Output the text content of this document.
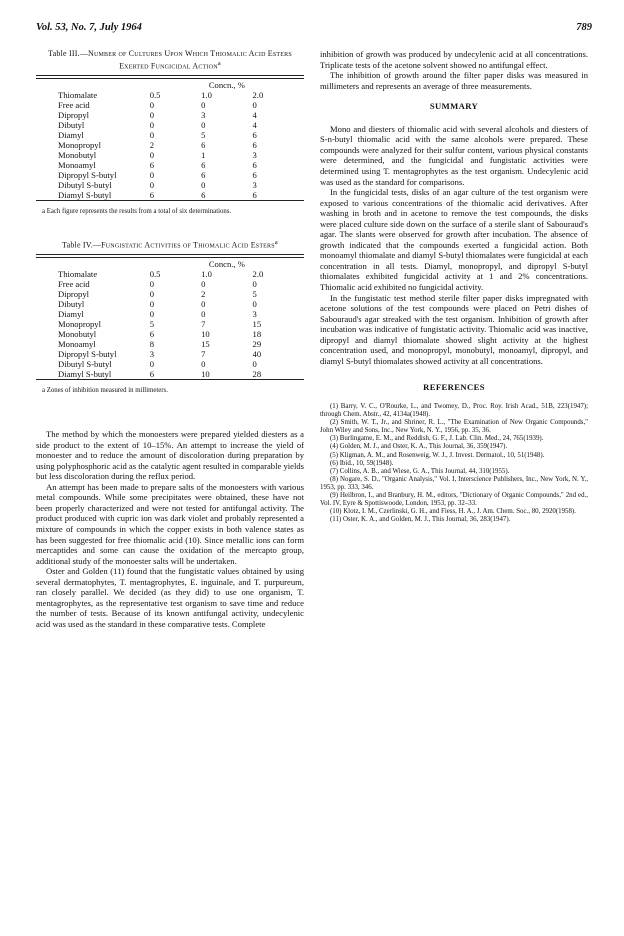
Vol. 53, No. 7, July 1964	789
Table III.—Number of Cultures Upon Which Thiomalic Acid Esters Exerted Fungicidal Action$^a$

	Concn., %		
Thiomalate	0.5	1.0	2.0
Free acid	0	0	0
Dipropyl	0	3	4
Dibutyl	0	0	4
Diamyl	0	5	6
Monopropyl	2	6	6
Monobutyl	0	1	3
Monoamyl	6	6	6
Dipropyl S-butyl	0	6	6
Dibutyl S-butyl	0	0	3
Diamyl S-butyl	6	6	6

a Each figure represents the results from a total of six determinations.

Table IV.—Fungistatic Activities of Thiomalic Acid Esters$^a$

	Concn., %		
Thiomalate	0.5	1.0	2.0
Free acid	0	0	0
Dipropyl	0	2	5
Dibutyl	0	0	0
Diamyl	0	0	3
Monopropyl	5	7	15
Monobutyl	6	10	18
Monoamyl	8	15	29
Dipropyl S-butyl	3	7	40
Dibutyl S-butyl	0	0	0
Diamyl S-butyl	6	10	28

a Zones of inhibition measured in millimeters.

The method by which the monoesters were prepared yielded diesters as a side product to the extent of 10–15%. An attempt to increase the yield of monoester and to reduce the amount of discoloration during preparation by using polyphosphoric acid as the catalytic agent resulted in comparable yields but less discoloration during the reflux period.

An attempt has been made to prepare salts of the monoesters with various metal compounds. While some precipitates were obtained, these have not been properly characterized and were not tested for antifungal activity. The product produced with cupric ion was dark violet and probably represented a mixture of compounds in which the copper exists in both valence states as has been suggested for free thiomalic acid (10). Since metallic ions can form mercaptides and some can cause the oxidation of the mercapto group, additional study of the monoester salts will be undertaken.

Oster and Golden (11) found that the fungistatic values obtained by using several dermatophytes, T. mentagrophytes, E. inguinale, and T. purpureum, ran closely parallel. We decided (as they did) to use one organism, T. mentagrophytes, as the representative test organism to save time and reduce the number of tests. Because of its known antifungal activity, undecylenic acid was used as the standard in these comparative tests. Complete

inhibition of growth was produced by undecylenic acid at all concentrations. Triplicate tests of the acetone solvent showed no antifungal effect.

The inhibition of growth around the filter paper disks was measured in millimeters and represents an average of three measurements.

SUMMARY

Mono and diesters of thiomalic acid with several alcohols and diesters of S-n-butyl thiomalic acid with the same alcohols were prepared. These compounds were analyzed for their sulfur content, various physical constants were determined, and the fungicidal and fungistatic activities were determined using T. mentagrophytes as the test organism. Undecylenic acid was used as the standard for comparisons.

In the fungicidal tests, disks of an agar culture of the test organism were exposed to various concentrations of the thiomalic acid derivatives. After washing in broth and in acetone to remove the test compounds, the disks were placed culture side down on the surface of a sterile slant of Sabouraud's agar. The slants were observed for growth after incubation. The absence of growth indicated that the compounds exerted a fungicidal action. Both monoamyl thiomalate and diamyl S-butyl thiomalates were fungicidal at each concentration in all tests. Diamyl, monopropyl, and dipropyl S-butyl thiomalates exhibited fungicidal activity at 1 and 2% concentrations. Thiomalic acid exhibited no fungicidal activity.

In the fungistatic test method sterile filter paper disks impregnated with acetone solutions of the test compounds were placed on Petri dishes of Sabouraud's agar streaked with the test organism. Inhibition of growth after incubation was indicative of fungistatic activity. Thiomalic acid was inactive, dipropyl and diamyl thiomalate showed slight activity at the highest concentration used, and monopropyl, monobutyl, monoamyl, dipropyl, and diamyl S-butyl thiomalates showed activity at all concentrations.

REFERENCES

(1) Barry, V. C., O'Rourke, L., and Twomey, D., Proc. Roy. Irish Acad., 51B, 223(1947); through Chem. Abstr., 42, 4134a(1948).

(2) Smith, W. T., Jr., and Shriner, R. L., "The Examination of New Organic Compounds," John Wiley and Sons, Inc., New York, N. Y., 1956, pp. 35, 36.

(3) Burlingame, E. M., and Reddish, G. F., J. Lab. Clin. Med., 24, 765(1939).

(4) Golden, M. J., and Oster, K. A., This Journal, 36, 359(1947).

(5) Kligman, A. M., and Rosenweig, W. J., J. Invest. Dermatol., 10, 51(1948).

(6) Ibid., 10, 59(1948).

(7) Collins, A. B., and Wiese, G. A., This Journal, 44, 310(1955).

(8) Nogare, S. D., "Organic Analysis," Vol. I, Interscience Publishers, Inc., New York, N. Y., 1953, pp. 333, 346.

(9) Heilbron, I., and Branbury, H. M., editors, "Dictionary of Organic Compounds," 2nd ed., Vol. IV, Eyre & Spottiswoode, London, 1953, pp. 32–33.

(10) Klotz, I. M., Czerlinski, G. H., and Fiess, H. A., J. Am. Chem. Soc., 80, 2920(1958).

(11) Oster, K. A., and Golden, M. J., This Journal, 36, 283(1947).
